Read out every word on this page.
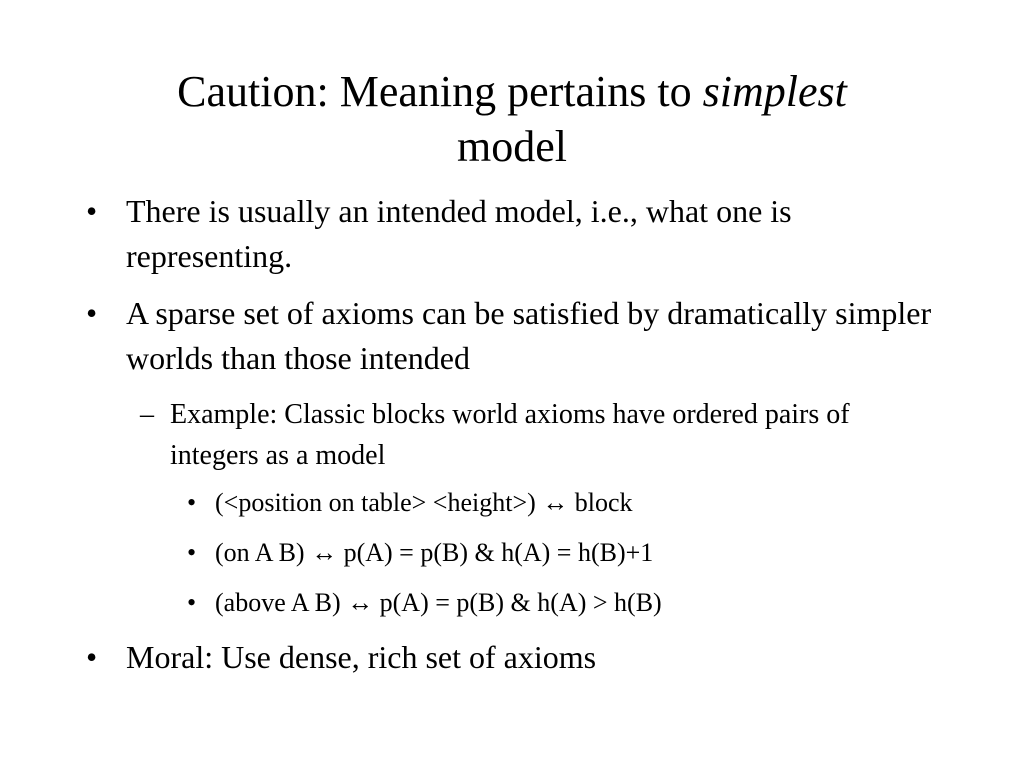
Caution: Meaning pertains to simplest
model
• There is usually an intended model, i.e., what one is representing.
• A sparse set of axioms can be satisfied by dramatically simpler worlds than those intended
– Example: Classic blocks world axioms have ordered pairs of integers as a model
• (<position on table> <height>) ↔ block
• (on A B) ↔ p(A) = p(B) & h(A) = h(B)+1
• (above A B) ↔ p(A) = p(B) & h(A) > h(B)
• Moral: Use dense, rich set of axioms
